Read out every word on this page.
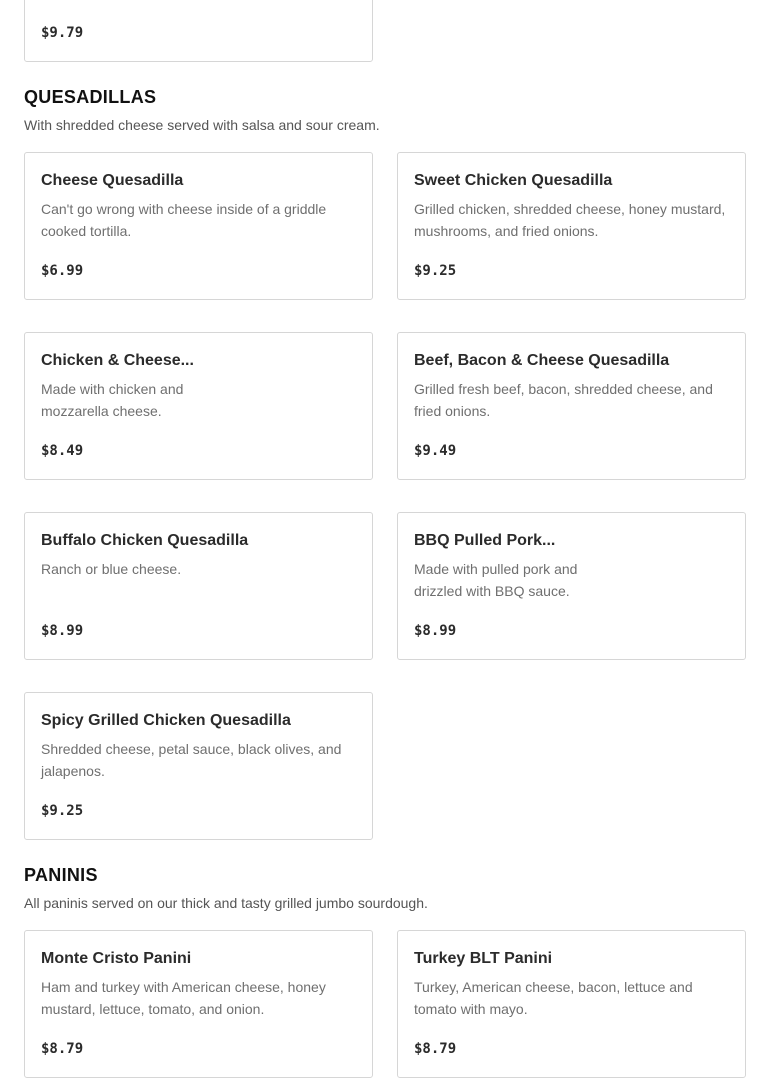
$9.79
QUESADILLAS
With shredded cheese served with salsa and sour cream.
Cheese Quesadilla
Can't go wrong with cheese inside of a griddle cooked tortilla.
$6.99
Sweet Chicken Quesadilla
Grilled chicken, shredded cheese, honey mustard, mushrooms, and fried onions.
$9.25
Chicken & Cheese...
Made with chicken and mozzarella cheese.
$8.49
Beef, Bacon & Cheese Quesadilla
Grilled fresh beef, bacon, shredded cheese, and fried onions.
$9.49
Buffalo Chicken Quesadilla
Ranch or blue cheese.
$8.99
BBQ Pulled Pork...
Made with pulled pork and drizzled with BBQ sauce.
$8.99
Spicy Grilled Chicken Quesadilla
Shredded cheese, petal sauce, black olives, and jalapenos.
$9.25
PANINIS
All paninis served on our thick and tasty grilled jumbo sourdough.
Monte Cristo Panini
Ham and turkey with American cheese, honey mustard, lettuce, tomato, and onion.
$8.79
Turkey BLT Panini
Turkey, American cheese, bacon, lettuce and tomato with mayo.
$8.79
